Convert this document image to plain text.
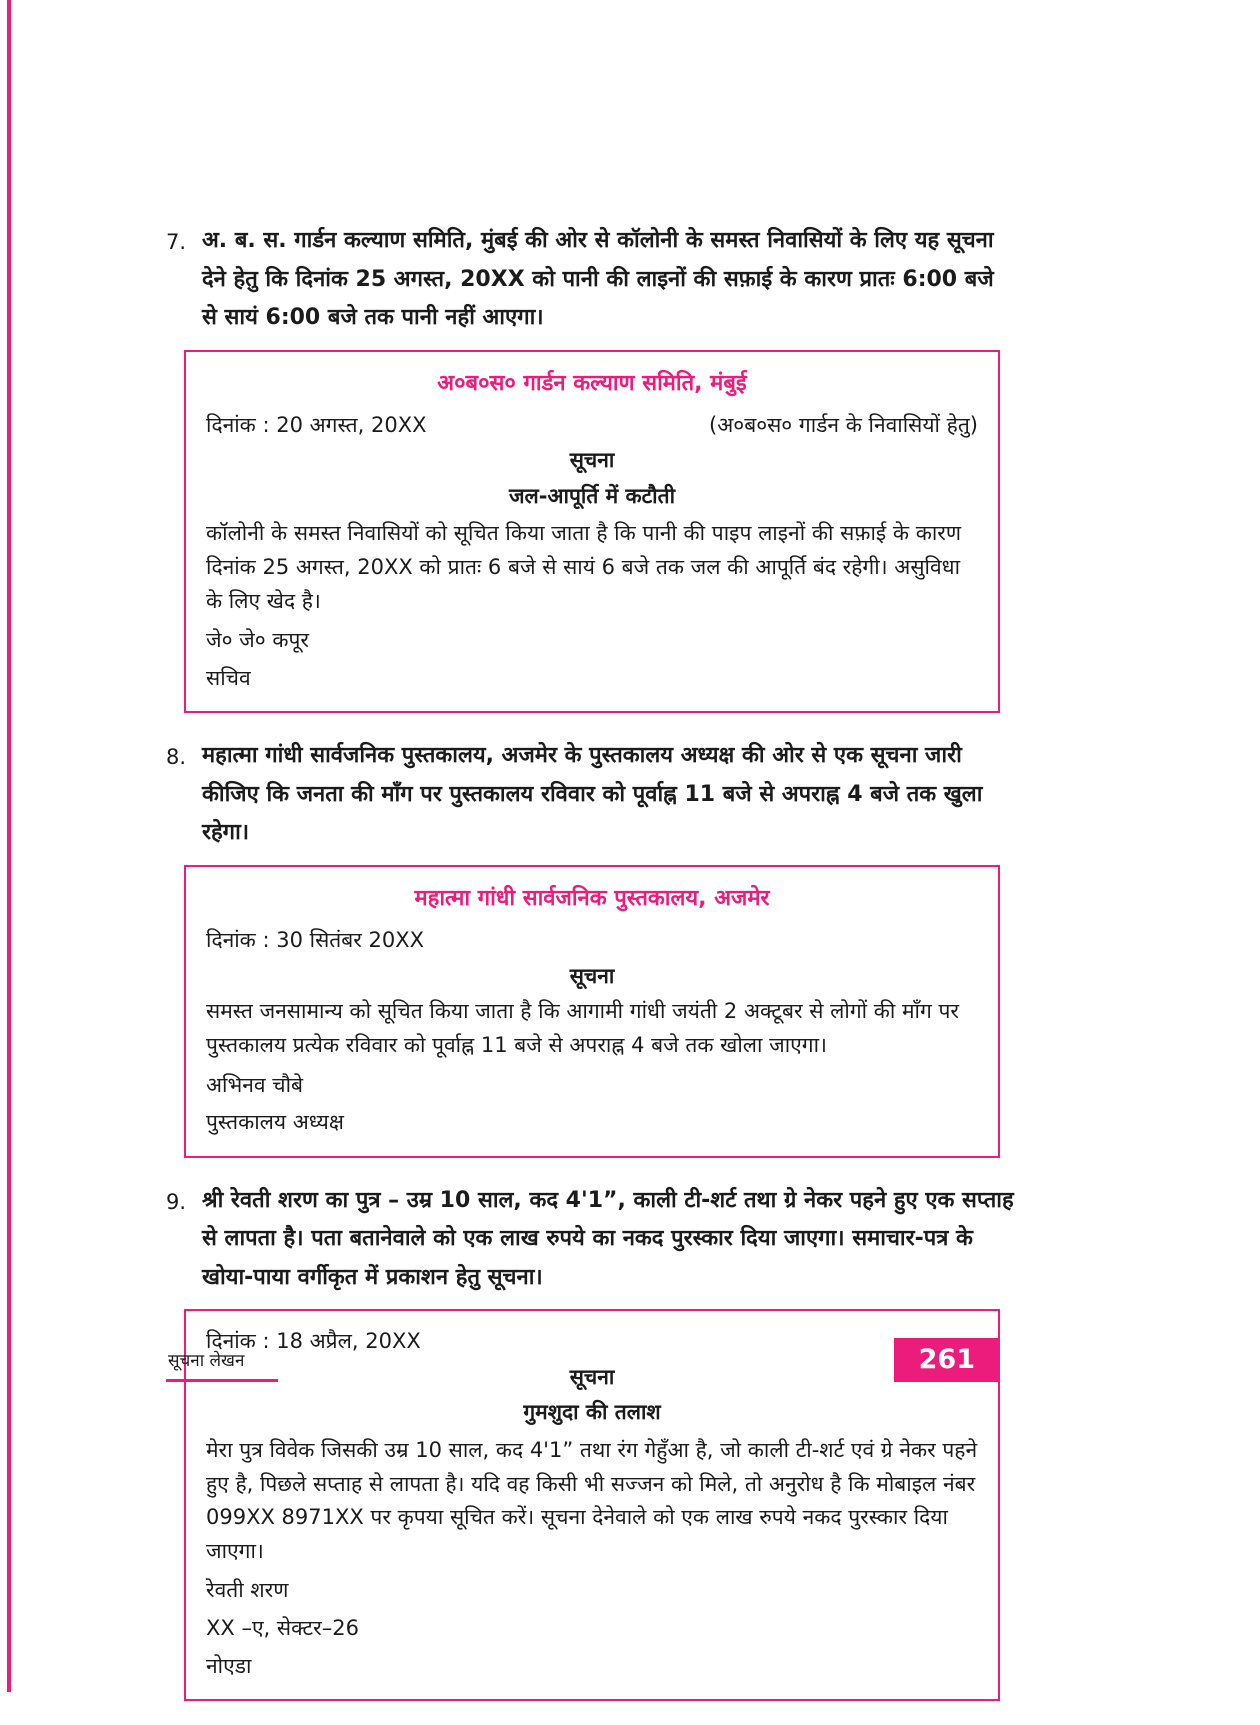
7. अ. ब. स. गार्डन कल्याण समिति, मुंबई की ओर से कॉलोनी के समस्त निवासियों के लिए यह सूचना देने हेतु कि दिनांक 25 अगस्त, 20XX को पानी की लाइनों की सफ़ाई के कारण प्रातः 6:00 बजे से सायं 6:00 बजे तक पानी नहीं आएगा।
अ०ब०स० गार्डन कल्याण समिति, मंबुई
दिनांक : 20 अगस्त, 20XX	(अ०ब०स० गार्डन के निवासियों हेतु)
सूचना
जल-आपूर्ति में कटौती

कॉलोनी के समस्त निवासियों को सूचित किया जाता है कि पानी की पाइप लाइनों की सफ़ाई के कारण दिनांक 25 अगस्त, 20XX को प्रातः 6 बजे से सायं 6 बजे तक जल की आपूर्ति बंद रहेगी। असुविधा के लिए खेद है।

जे० जे० कपूर
सचिव
8. महात्मा गांधी सार्वजनिक पुस्तकालय, अजमेर के पुस्तकालय अध्यक्ष की ओर से एक सूचना जारी कीजिए कि जनता की माँग पर पुस्तकालय रविवार को पूर्वाह्न 11 बजे से अपराह्न 4 बजे तक खुला रहेगा।
महात्मा गांधी सार्वजनिक पुस्तकालय, अजमेर
दिनांक : 30 सितंबर 20XX
सूचना

समस्त जनसामान्य को सूचित किया जाता है कि आगामी गांधी जयंती 2 अक्टूबर से लोगों की माँग पर पुस्तकालय प्रत्येक रविवार को पूर्वाह्न 11 बजे से अपराह्न 4 बजे तक खोला जाएगा।

अभिनव चौबे
पुस्तकालय अध्यक्ष
9. श्री रेवती शरण का पुत्र – उम्र 10 साल, कद 4'1”, काली टी-शर्ट तथा ग्रे नेकर पहने हुए एक सप्ताह से लापता है। पता बतानेवाले को एक लाख रुपये का नकद पुरस्कार दिया जाएगा। समाचार-पत्र के खोया-पाया वर्गीकृत में प्रकाशन हेतु सूचना।
दिनांक : 18 अप्रैल, 20XX
सूचना
गुमशुदा की तलाश

मेरा पुत्र विवेक जिसकी उम्र 10 साल, कद 4'1” तथा रंग गेहुँआ है, जो काली टी-शर्ट एवं ग्रे नेकर पहने हुए है, पिछले सप्ताह से लापता है। यदि वह किसी भी सज्जन को मिले, तो अनुरोध है कि मोबाइल नंबर 099XX 8971XX पर कृपया सूचित करें। सूचना देनेवाले को एक लाख रुपये नकद पुरस्कार दिया जाएगा।

रेवती शरण
XX –ए, सेक्टर–26
नोएडा
सूचना लेखन	261
